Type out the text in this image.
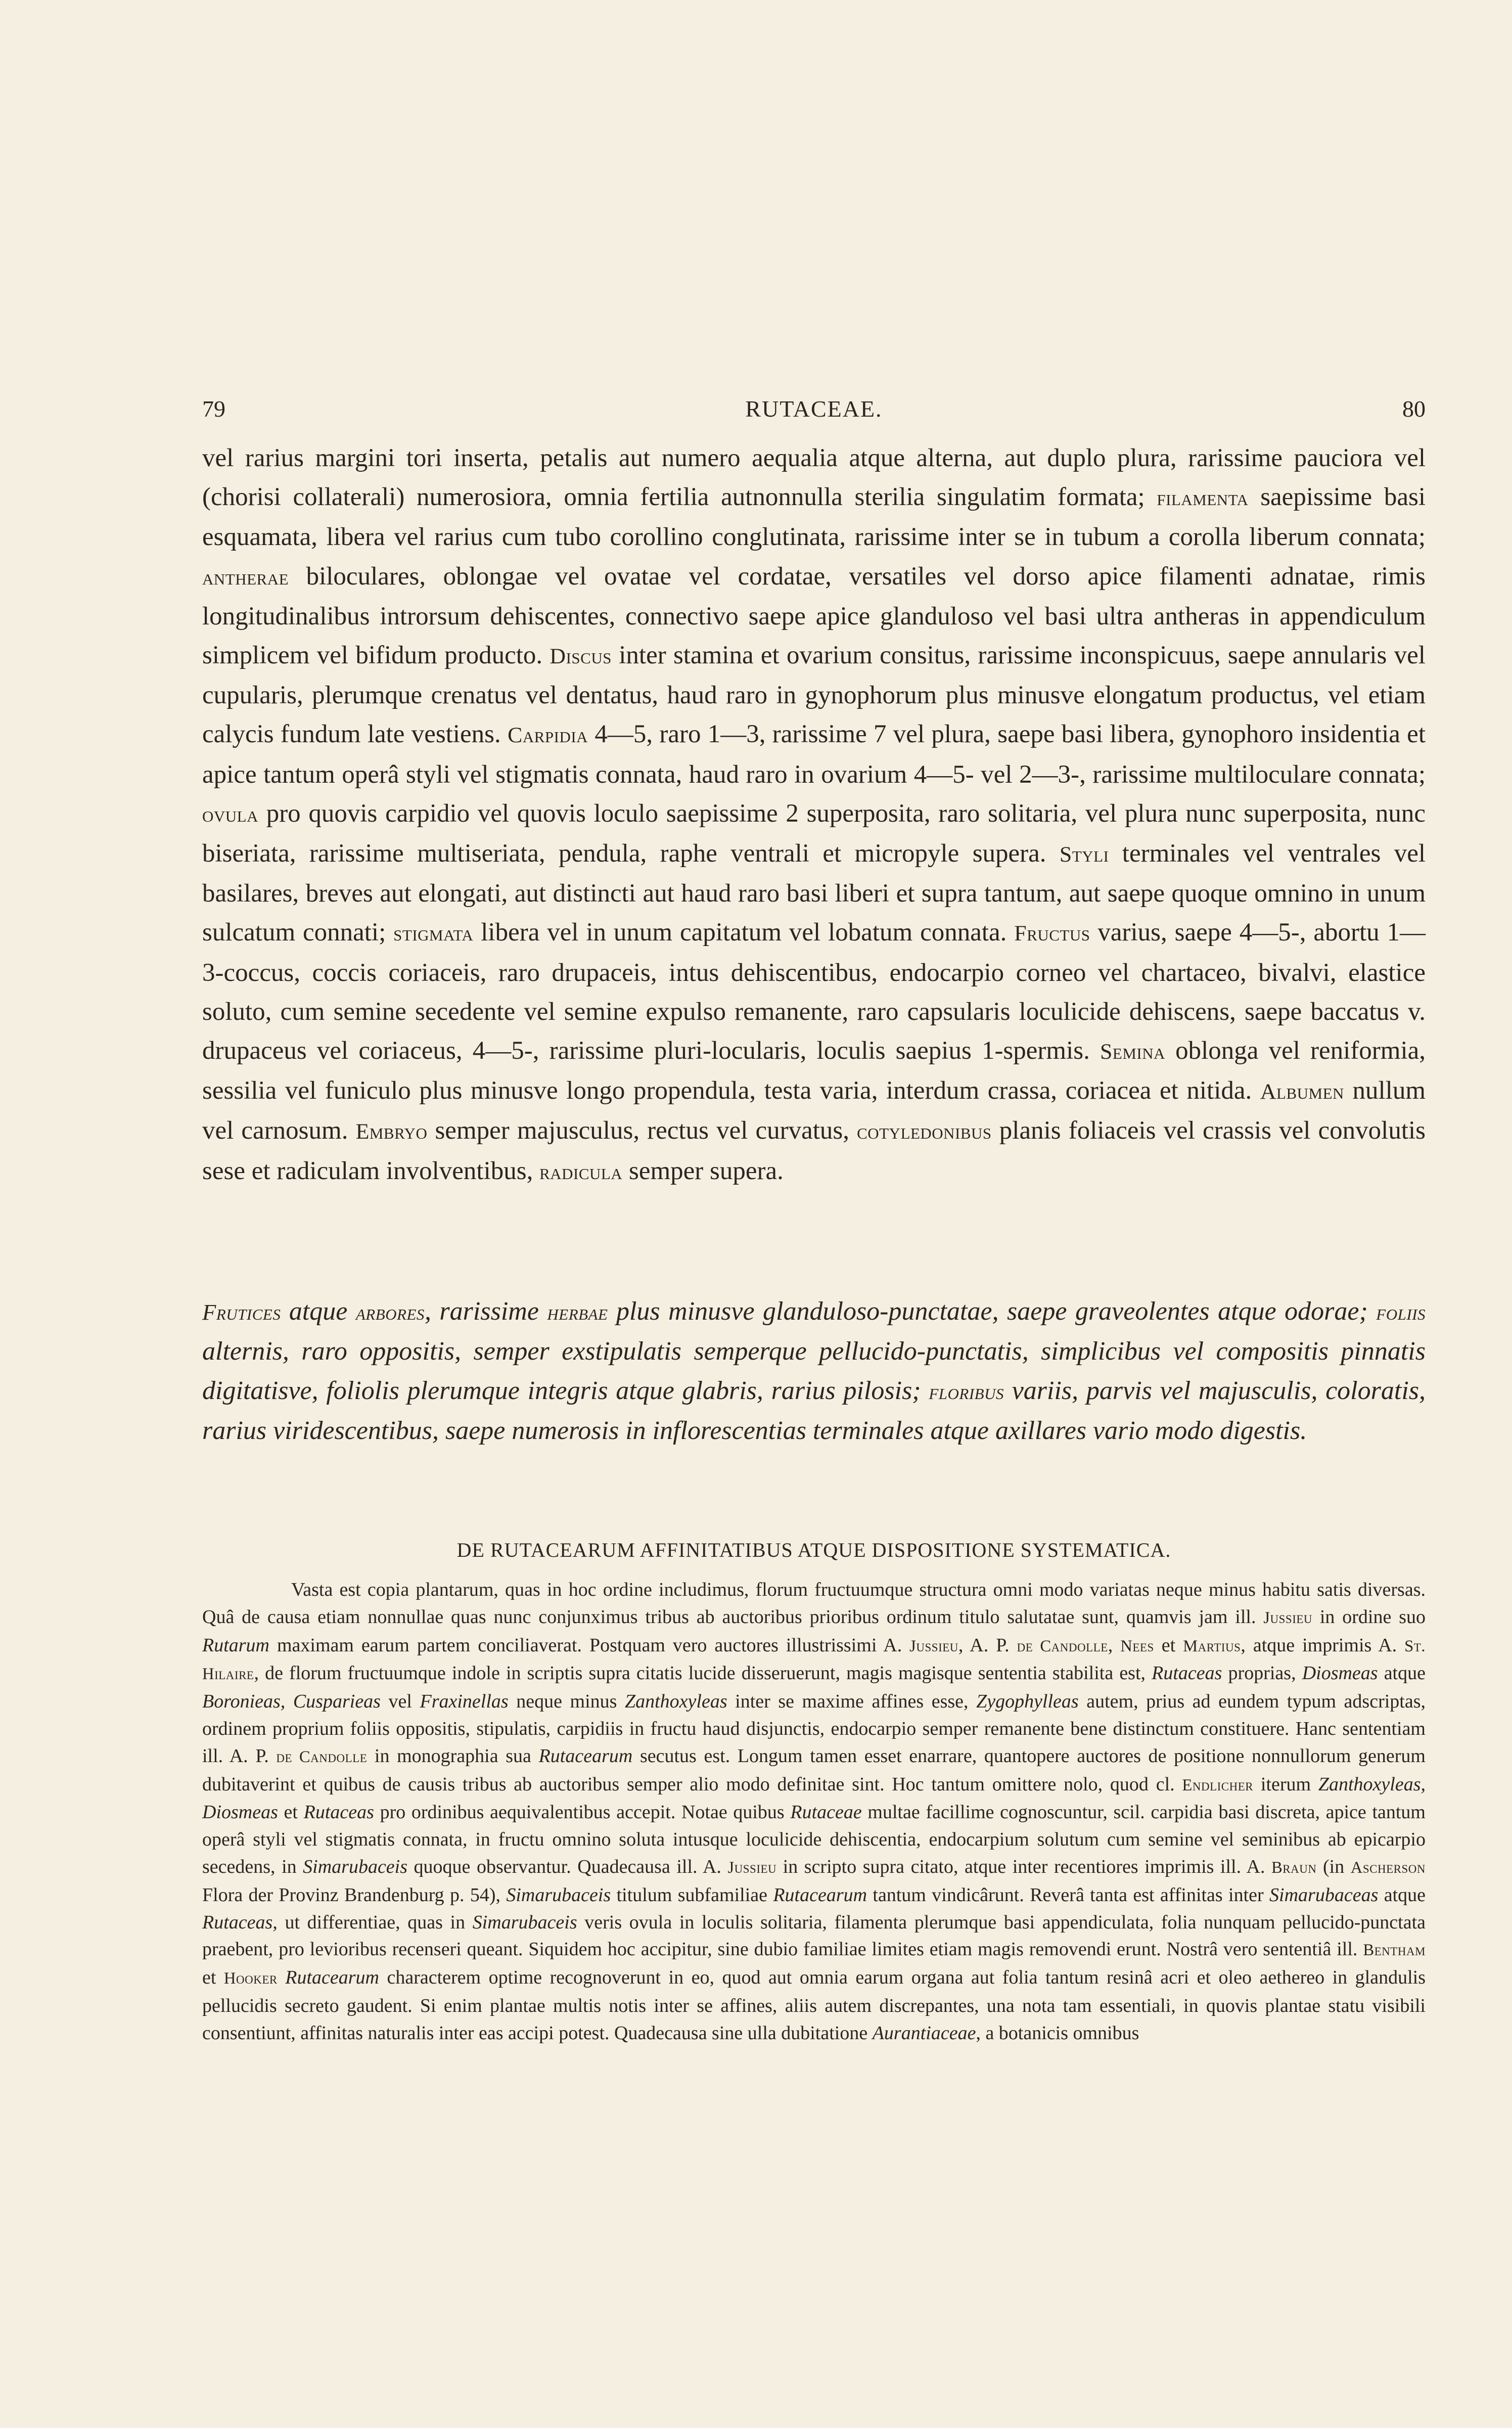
79	RUTACEAE.	80
vel rarius margini tori inserta, petalis aut numero aequalia atque alterna, aut duplo plura, rarissime pauciora vel (chorisi collaterali) numerosiora, omnia fertilia autnonnulla sterilia singulatim formata; filamenta saepissime basi esquamata, libera vel rarius cum tubo corollino conglutinata, rarissime inter se in tubum a corolla liberum connata; antherae biloculares, oblongae vel ovatae vel cordatae, versatiles vel dorso apice filamenti adnatae, rimis longitudinalibus introrsum dehiscentes, connectivo saepe apice glanduloso vel basi ultra antheras in appendiculum simplicem vel bifidum producto. Discus inter stamina et ovarium consitus, rarissime inconspicuus, saepe annularis vel cupularis, plerumque crenatus vel dentatus, haud raro in gynophorum plus minusve elongatum productus, vel etiam calycis fundum late vestiens. Carpidia 4—5, raro 1—3, rarissime 7 vel plura, saepe basi libera, gynophoro insidentia et apice tantum operâ styli vel stigmatis connata, haud raro in ovarium 4—5- vel 2—3-, rarissime multiloculare connata; ovula pro quovis carpidio vel quovis loculo saepissime 2 superposita, raro solitaria, vel plura nunc superposita, nunc biseriata, rarissime multiseriata, pendula, raphe ventrali et micropyle supera. Styli terminales vel ventrales vel basilares, breves aut elongati, aut distincti aut haud raro basi liberi et supra tantum, aut saepe quoque omnino in unum sulcatum connati; stigmata libera vel in unum capitatum vel lobatum connata. Fructus varius, saepe 4—5-, abortu 1—3-coccus, coccis coriaceis, raro drupaceis, intus dehiscentibus, endocarpio corneo vel chartaceo, bivalvi, elastice soluto, cum semine secedente vel semine expulso remanente, raro capsularis loculicide dehiscens, saepe baccatus v. drupaceus vel coriaceus, 4—5-, rarissime pluri-locularis, loculis saepius 1-spermis. Semina oblonga vel reniformia, sessilia vel funiculo plus minusve longo propendula, testa varia, interdum crassa, coriacea et nitida. Albumen nullum vel carnosum. Embryo semper majusculus, rectus vel curvatus, cotyledonibus planis foliaceis vel crassis vel convolutis sese et radiculam involventibus, radicula semper supera.
Frutices atque arbores, rarissime herbae plus minusve glanduloso-punctatae, saepe graveolentes atque odorae; foliis alternis, raro oppositis, semper exstipulatis semperque pellucido-punctatis, simplicibus vel compositis pinnatis digitatisve, foliolis plerumque integris atque glabris, rarius pilosis; floribus variis, parvis vel majusculis, coloratis, rarius viridescentibus, saepe numerosis in inflorescentias terminales atque axillares vario modo digestis.
DE RUTACEARUM AFFINITATIBUS ATQUE DISPOSITIONE SYSTEMATICA.
Vasta est copia plantarum, quas in hoc ordine includimus, florum fructuumque structura omni modo variatas neque minus habitu satis diversas. Quâ de causa etiam nonnullae quas nunc conjunximus tribus ab auctoribus prioribus ordinum titulo salutatae sunt, quamvis jam ill. Jussieu in ordine suo Rutarum maximam earum partem conciliaverat. Postquam vero auctores illustrissimi A. Jussieu, A. P. de Candolle, Nees et Martius, atque imprimis A. St. Hilaire, de florum fructuumque indole in scriptis supra citatis lucide disseruerunt, magis magisque sententia stabilita est, Rutaceas proprias, Diosmeas atque Boronieas, Cusparieas vel Fraxinellas neque minus Zanthoxyleas inter se maxime affines esse, Zygophylleas autem, prius ad eundem typum adscriptas, ordinem proprium foliis oppositis, stipulatis, carpidiis in fructu haud disjunctis, endocarpio semper remanente bene distinctum constituere. Hanc sententiam ill. A. P. de Candolle in monographia sua Rutacearum secutus est. Longum tamen esset enarrare, quantopere auctores de positione nonnullorum generum dubitaverint et quibus de causis tribus ab auctoribus semper alio modo definitae sint. Hoc tantum omittere nolo, quod cl. Endlicher iterum Zanthoxyleas, Diosmeas et Rutaceas pro ordinibus aequivalentibus accepit. Notae quibus Rutaceae multae facillime cognoscuntur, scil. carpidia basi discreta, apice tantum operâ styli vel stigmatis connata, in fructu omnino soluta intusque loculicide dehiscentia, endocarpium solutum cum semine vel seminibus ab epicarpio secedens, in Simarubaceis quoque observantur. Quadecausa ill. A. Jussieu in scripto supra citato, atque inter recentiores imprimis ill. A. Braun (in Ascherson Flora der Provinz Brandenburg p. 54), Simarubaceis titulum subfamiliae Rutacearum tantum vindicârunt. Reverâ tanta est affinitas inter Simarubaceas atque Rutaceas, ut differentiae, quas in Simarubaceis veris ovula in loculis solitaria, filamenta plerumque basi appendiculata, folia nunquam pellucido-punctata praebent, pro levioribus recenseri queant. Siquidem hoc accipitur, sine dubio familiae limites etiam magis removendi erunt. Nostrâ vero sententiâ ill. Bentham et Hooker Rutacearum characterem optime recognoverunt in eo, quod aut omnia earum organa aut folia tantum resinâ acri et oleo aethereo in glandulis pellucidis secreto gaudent. Si enim plantae multis notis inter se affines, aliis autem discrepantes, una nota tam essentiali, in quovis plantae statu visibili consentiunt, affinitas naturalis inter eas accipi potest. Quadecausa sine ulla dubitatione Aurantiaceae, a botanicis omnibus
